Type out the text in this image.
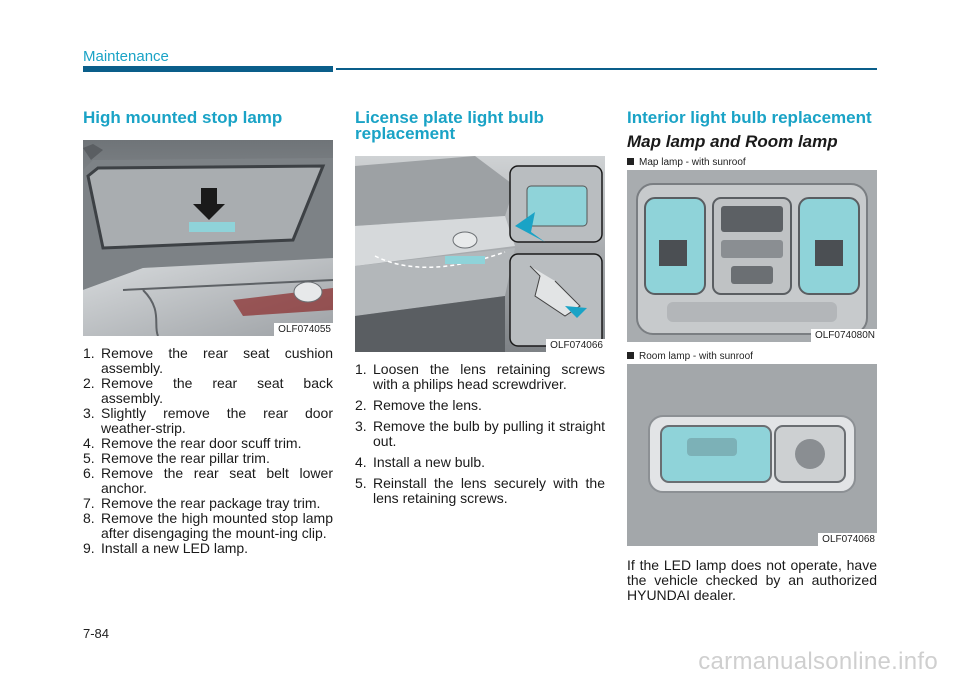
Maintenance
High mounted stop lamp
OLF074055
1. Remove the rear seat cushion assembly.
2. Remove the rear seat back assembly.
3. Slightly remove the rear door weather-strip.
4. Remove the rear door scuff trim.
5. Remove the rear pillar trim.
6. Remove the rear seat belt lower anchor.
7. Remove the rear package tray trim.
8. Remove the high mounted stop lamp after disengaging the mount-ing clip.
9. Install a new LED lamp.
License plate light bulb replacement
OLF074066
1. Loosen the lens retaining screws with a philips head screwdriver.
2. Remove the lens.
3. Remove the bulb by pulling it straight out.
4. Install a new bulb.
5. Reinstall the lens securely with the lens retaining screws.
Interior light bulb replacement
Map lamp and Room lamp
Map lamp - with sunroof
OLF074080N
Room lamp - with sunroof
OLF074068

If the LED lamp does not operate, have the vehicle checked by an authorized HYUNDAI dealer.

7-84
carmanualsonline.info
